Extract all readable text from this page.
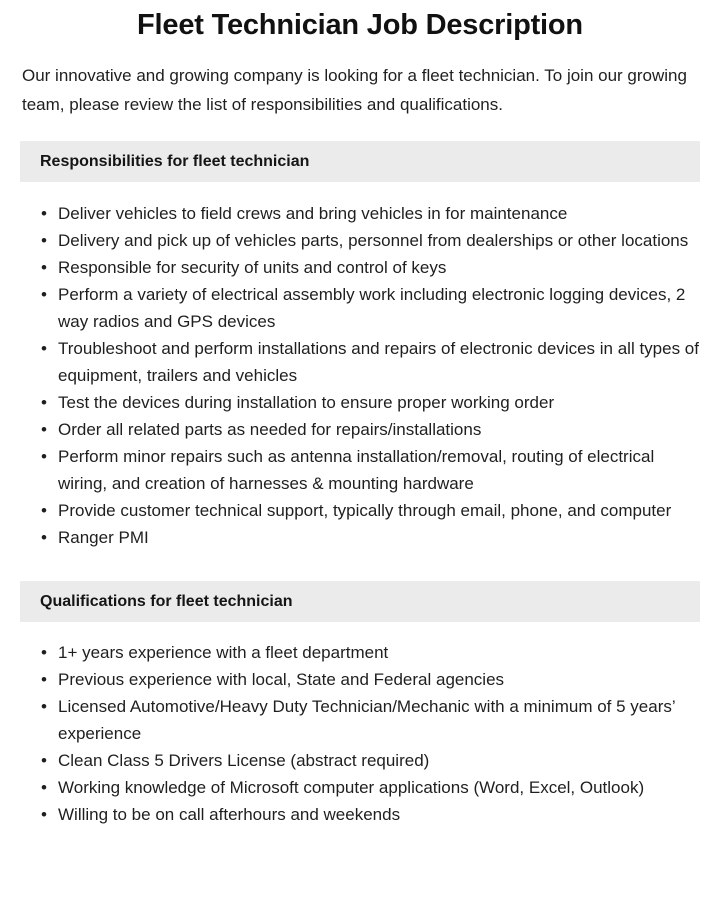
Fleet Technician Job Description

Our innovative and growing company is looking for a fleet technician. To join our growing team, please review the list of responsibilities and qualifications.

Responsibilities for fleet technician
• Deliver vehicles to field crews and bring vehicles in for maintenance
• Delivery and pick up of vehicles parts, personnel from dealerships or other locations
• Responsible for security of units and control of keys
• Perform a variety of electrical assembly work including electronic logging devices, 2 way radios and GPS devices
• Troubleshoot and perform installations and repairs of electronic devices in all types of equipment, trailers and vehicles
• Test the devices during installation to ensure proper working order
• Order all related parts as needed for repairs/installations
• Perform minor repairs such as antenna installation/removal, routing of electrical wiring, and creation of harnesses & mounting hardware
• Provide customer technical support, typically through email, phone, and computer
• Ranger PMI
Qualifications for fleet technician
• 1+ years experience with a fleet department
• Previous experience with local, State and Federal agencies
• Licensed Automotive/Heavy Duty Technician/Mechanic with a minimum of 5 years’ experience
• Clean Class 5 Drivers License (abstract required)
• Working knowledge of Microsoft computer applications (Word, Excel, Outlook)
• Willing to be on call afterhours and weekends
